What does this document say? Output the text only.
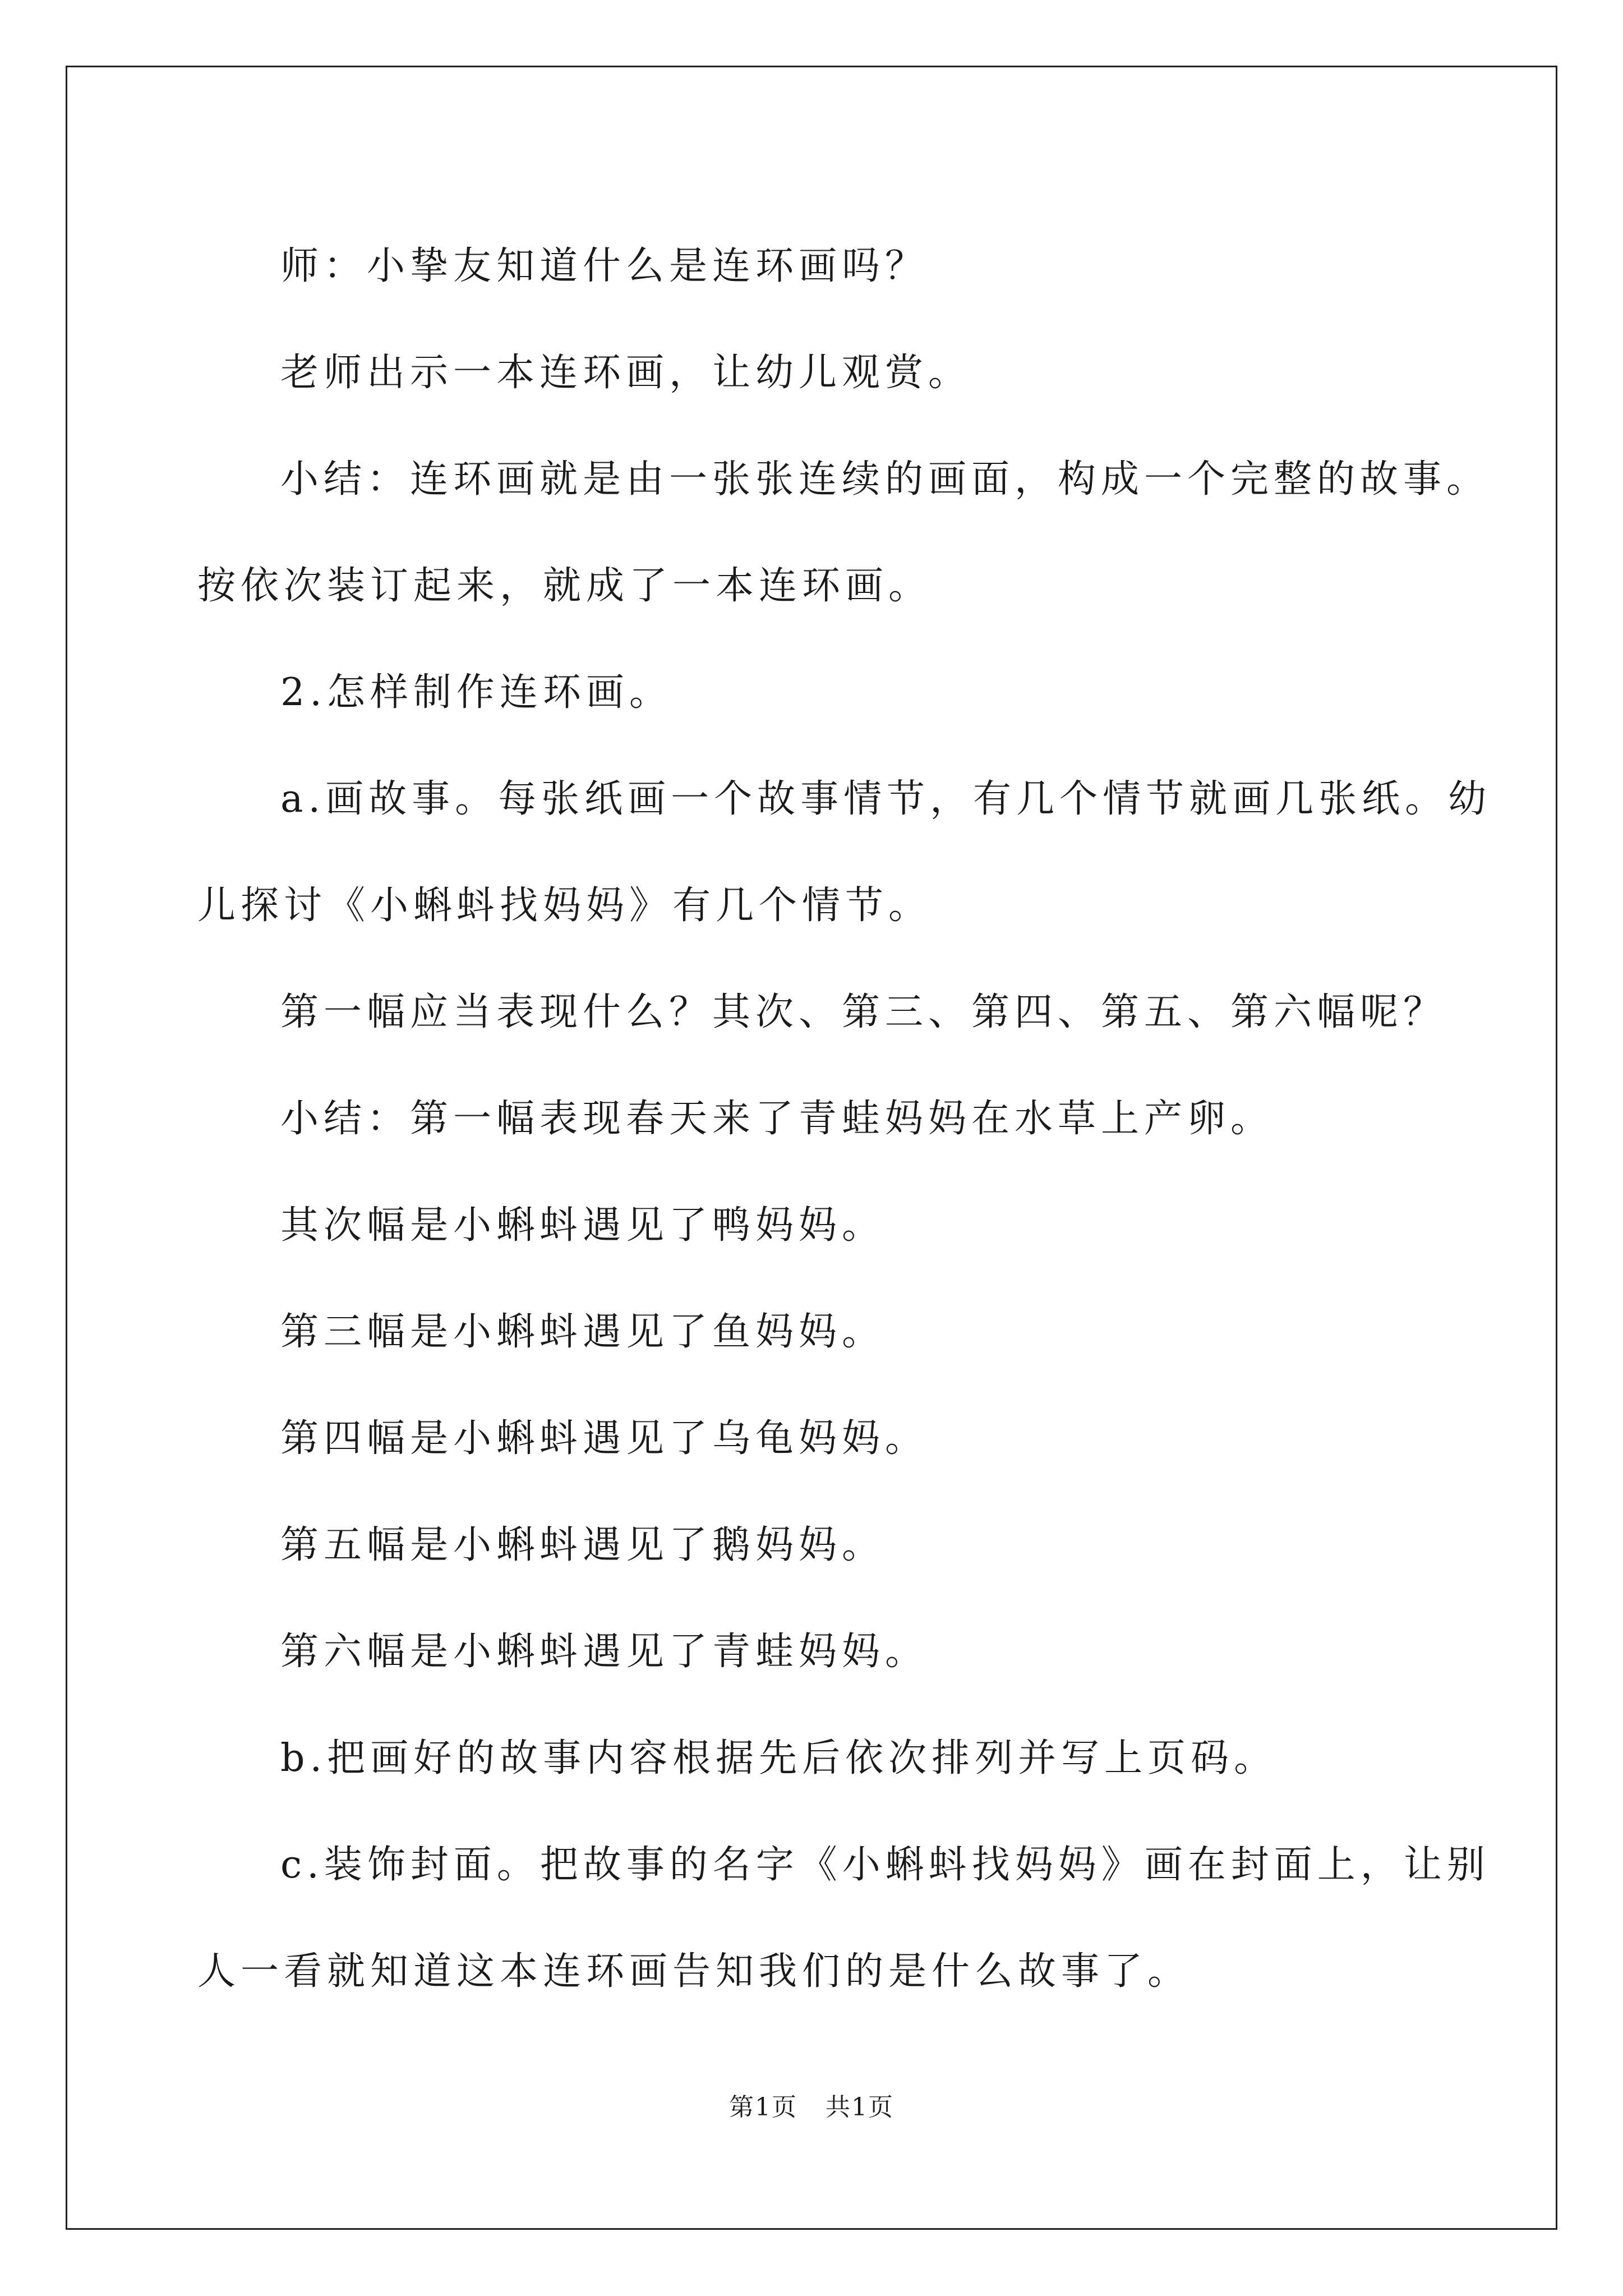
师：小挚友知道什么是连环画吗？
老师出示一本连环画，让幼儿观赏。
小结：连环画就是由一张张连续的画面，构成一个完整的故事。
按依次装订起来，就成了一本连环画。
2.怎样制作连环画。
a.画故事。每张纸画一个故事情节，有几个情节就画几张纸。幼
儿探讨《小蝌蚪找妈妈》有几个情节。
第一幅应当表现什么？其次、第三、第四、第五、第六幅呢？
小结：第一幅表现春天来了青蛙妈妈在水草上产卵。
其次幅是小蝌蚪遇见了鸭妈妈。
第三幅是小蝌蚪遇见了鱼妈妈。
第四幅是小蝌蚪遇见了乌龟妈妈。
第五幅是小蝌蚪遇见了鹅妈妈。
第六幅是小蝌蚪遇见了青蛙妈妈。
b.把画好的故事内容根据先后依次排列并写上页码。
c.装饰封面。把故事的名字《小蝌蚪找妈妈》画在封面上，让别
人一看就知道这本连环画告知我们的是什么故事了。
第1页 共1页
